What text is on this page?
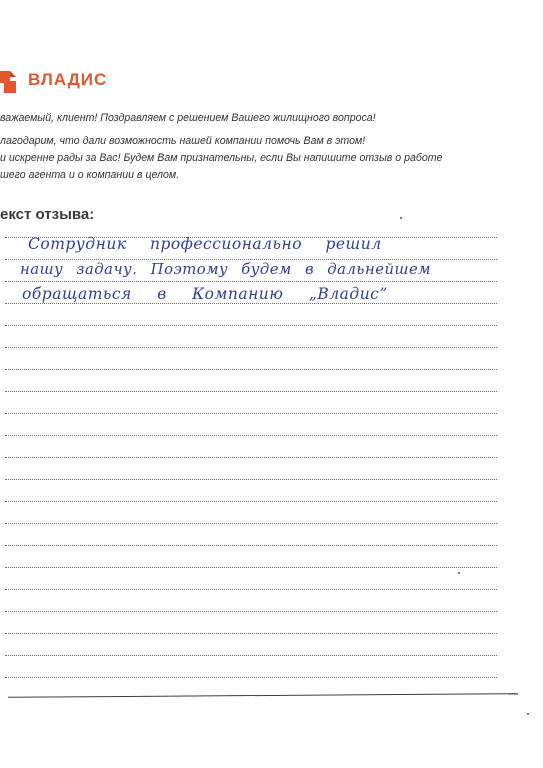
ВЛАДИС

важаемый, клиент! Поздравляем с решением Вашего жилищного вопроса!

лагодарим, что дали возможность нашей компании помочь Вам в этом!

и искренне рады за Вас! Будем Вам признательны, если Вы напишите отзыв о работе

шего агента и о компании в целом.

екст отзыва:
Сотрудник профессионально решил
нашу задачу. Поэтому будем в дальнейшем
обращаться в Компанию „Владис”
